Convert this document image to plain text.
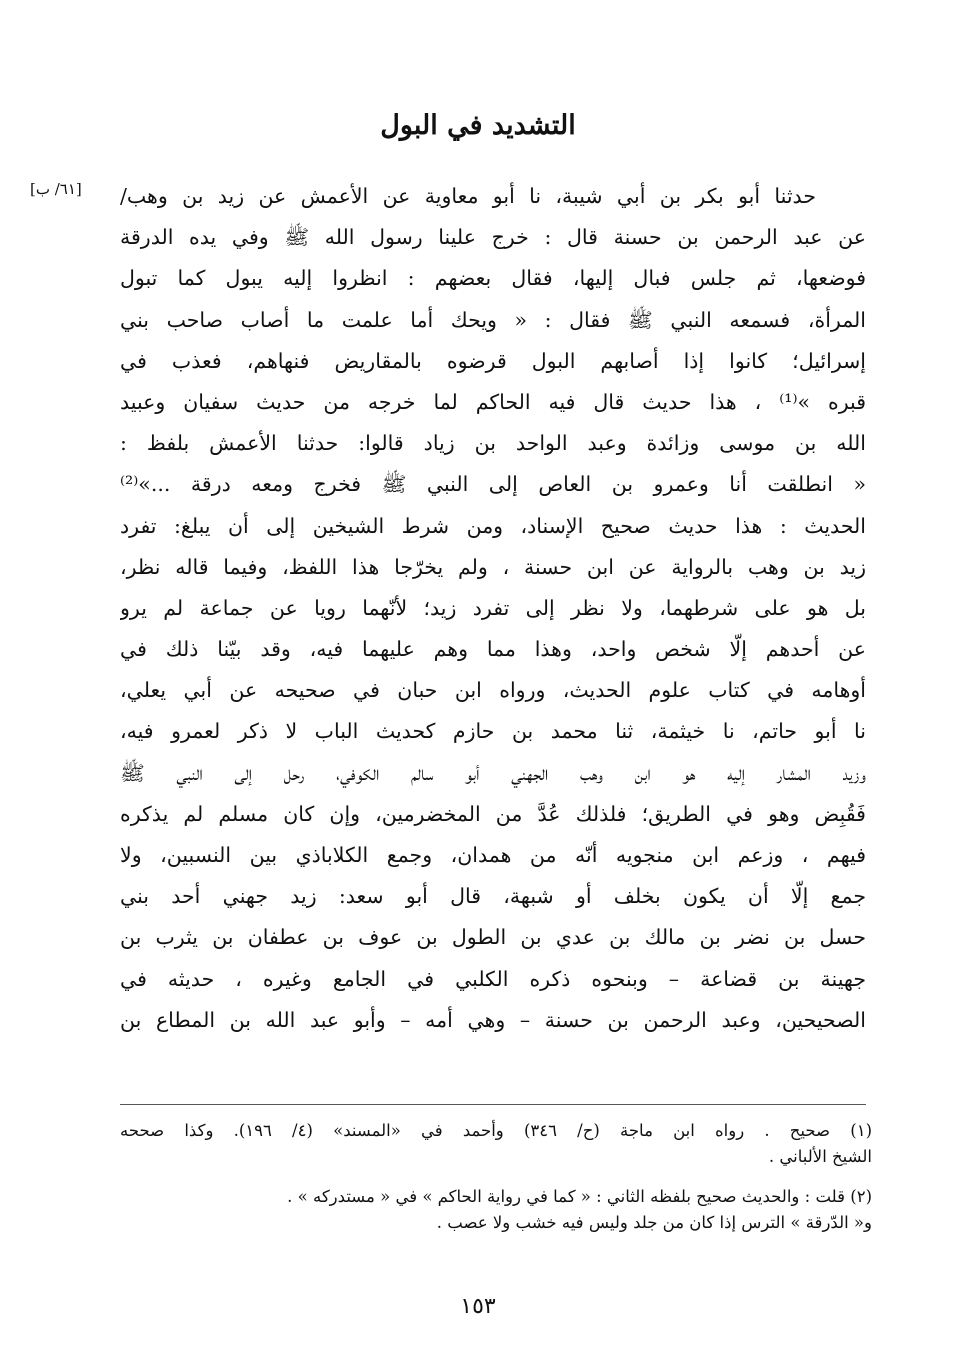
التشديد في البول
[٦١/ ب]	حدثنا أبو بكر بن أبي شيبة، نا أبو معاوية عن الأعمش عن زيد بن وهب/
عن عبد الرحمن بن حسنة قال : خرج علينا رسول الله ﷺ وفي يده الدرقة
فوضعها، ثم جلس فبال إليها، فقال بعضهم : انظروا إليه يبول كما تبول
المرأة، فسمعه النبي ﷺ فقال : « ويحك أما علمت ما أصاب صاحب بني
إسرائيل؛ كانوا إذا أصابهم البول قرضوه بالمقاريض فنهاهم، فعذب في
قبره »⁽¹⁾ ، هذا حديث قال فيه الحاكم لما خرجه من حديث سفيان وعبيد
الله بن موسى وزائدة وعبد الواحد بن زياد قالوا: حدثنا الأعمش بلفظ :
« انطلقت أنا وعمرو بن العاص إلى النبي ﷺ فخرج ومعه درقة ...»⁽²⁾
الحديث : هذا حديث صحيح الإسناد، ومن شرط الشيخين إلى أن يبلغ: تفرد
زيد بن وهب بالرواية عن ابن حسنة ، ولم يخرّجا هذا اللفظ، وفيما قاله نظر،
بل هو على شرطهما، ولا نظر إلى تفرد زيد؛ لأنّهما رويا عن جماعة لم يرو
عن أحدهم إلّا شخص واحد، وهذا مما وهم عليهما فيه، وقد بيّنا ذلك في
أوهامه في كتاب علوم الحديث، ورواه ابن حبان في صحيحه عن أبي يعلي،
نا أبو حاتم، نا خيثمة، ثنا محمد بن حازم كحديث الباب لا ذكر لعمرو فيه،
وزيد المشار إليه هو ابن وهب الجهني أبو سالم الكوفي، رحل إلى النبي ﷺ
فَقُبِض وهو في الطريق؛ فلذلك عُدَّ من المخضرمين، وإن كان مسلم لم يذكره
فيهم ، وزعم ابن منجويه أنّه من همدان، وجمع الكلاباذي بين النسبين، ولا
جمع إلّا أن يكون بخلف أو شبهة، قال أبو سعد: زيد جهني أحد بني
حسل بن نضر بن مالك بن عدي بن الطول بن عوف بن عطفان بن يثرب بن
جهينة بن قضاعة – وبنحوه ذكره الكلبي في الجامع وغيره ، حديثه في
الصحيحين، وعبد الرحمن بن حسنة – وهي أمه – وأبو عبد الله بن المطاع بن
(١) صحيح . رواه ابن ماجة (ح/ ٣٤٦) وأحمد في «المسند» (٤/ ١٩٦). وكذا صححه
الشيخ الألباني .
(٢) قلت : والحديث صحيح بلفظه الثاني : « كما في رواية الحاكم » في « مستدركه » .
و« الدّرقة » الترس إذا كان من جلد وليس فيه خشب ولا عصب .
١٥٣
